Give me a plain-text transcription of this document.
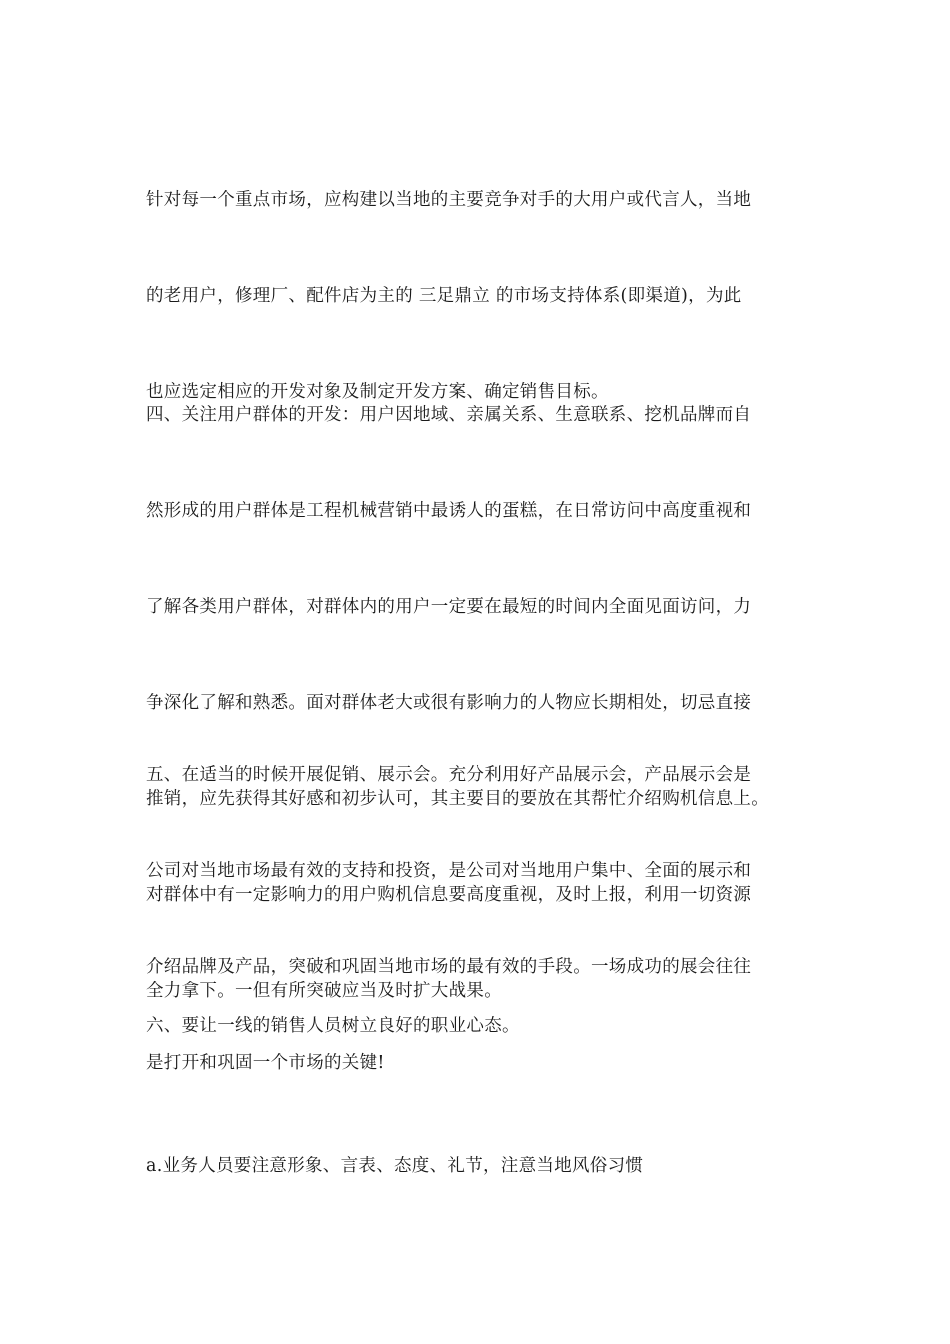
针对每一个重点市场，应构建以当地的主要竞争对手的大用户或代言人，当地

的老用户，修理厂、配件店为主的 三足鼎立 的市场支持体系(即渠道)，为此

也应选定相应的开发对象及制定开发方案、确定销售目标。

四、关注用户群体的开发：用户因地域、亲属关系、生意联系、挖机品牌而自

然形成的用户群体是工程机械营销中最诱人的蛋糕，在日常访问中高度重视和

了解各类用户群体，对群体内的用户一定要在最短的时间内全面见面访问，力

争深化了解和熟悉。面对群体老大或很有影响力的人物应长期相处，切忌直接

推销，应先获得其好感和初步认可，其主要目的要放在其帮忙介绍购机信息上。

对群体中有一定影响力的用户购机信息要高度重视，及时上报，利用一切资源

全力拿下。一但有所突破应当及时扩大战果。

五、在适当的时候开展促销、展示会。充分利用好产品展示会，产品展示会是

公司对当地市场最有效的支持和投资，是公司对当地用户集中、全面的展示和

介绍品牌及产品，突破和巩固当地市场的最有效的手段。一场成功的展会往往

是打开和巩固一个市场的关键!

六、要让一线的销售人员树立良好的职业心态。

a.业务人员要注意形象、言表、态度、礼节，注意当地风俗习惯
